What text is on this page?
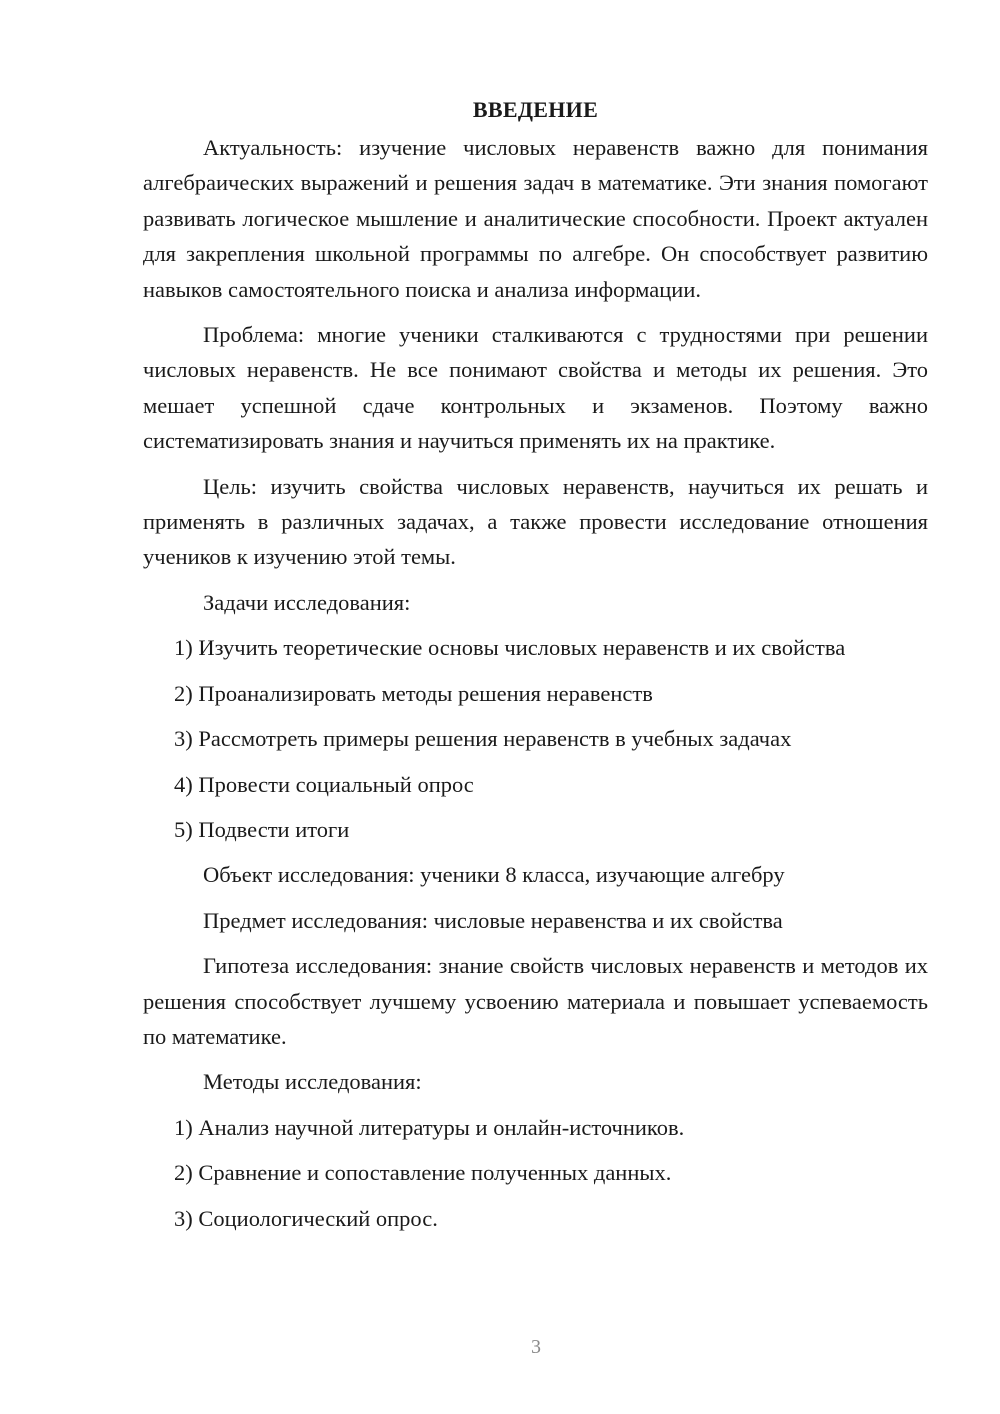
ВВЕДЕНИЕ

Актуальность: изучение числовых неравенств важно для понимания алгебраических выражений и решения задач в математике. Эти знания помогают развивать логическое мышление и аналитические способности. Проект актуален для закрепления школьной программы по алгебре. Он способствует развитию навыков самостоятельного поиска и анализа информации.

Проблема: многие ученики сталкиваются с трудностями при решении числовых неравенств. Не все понимают свойства и методы их решения. Это мешает успешной сдаче контрольных и экзаменов. Поэтому важно систематизировать знания и научиться применять их на практике.

Цель: изучить свойства числовых неравенств, научиться их решать и применять в различных задачах, а также провести исследование отношения учеников к изучению этой темы.

Задачи исследования:
1) Изучить теоретические основы числовых неравенств и их свойства
2) Проанализировать методы решения неравенств
3) Рассмотреть примеры решения неравенств в учебных задачах
4) Провести социальный опрос
5) Подвести итоги
Объект исследования: ученики 8 класса, изучающие алгебру
Предмет исследования: числовые неравенства и их свойства

Гипотеза исследования: знание свойств числовых неравенств и методов их решения способствует лучшему усвоению материала и повышает успеваемость по математике.

Методы исследования:
1) Анализ научной литературы и онлайн-источников.
2) Сравнение и сопоставление полученных данных.
3) Социологический опрос.
3
